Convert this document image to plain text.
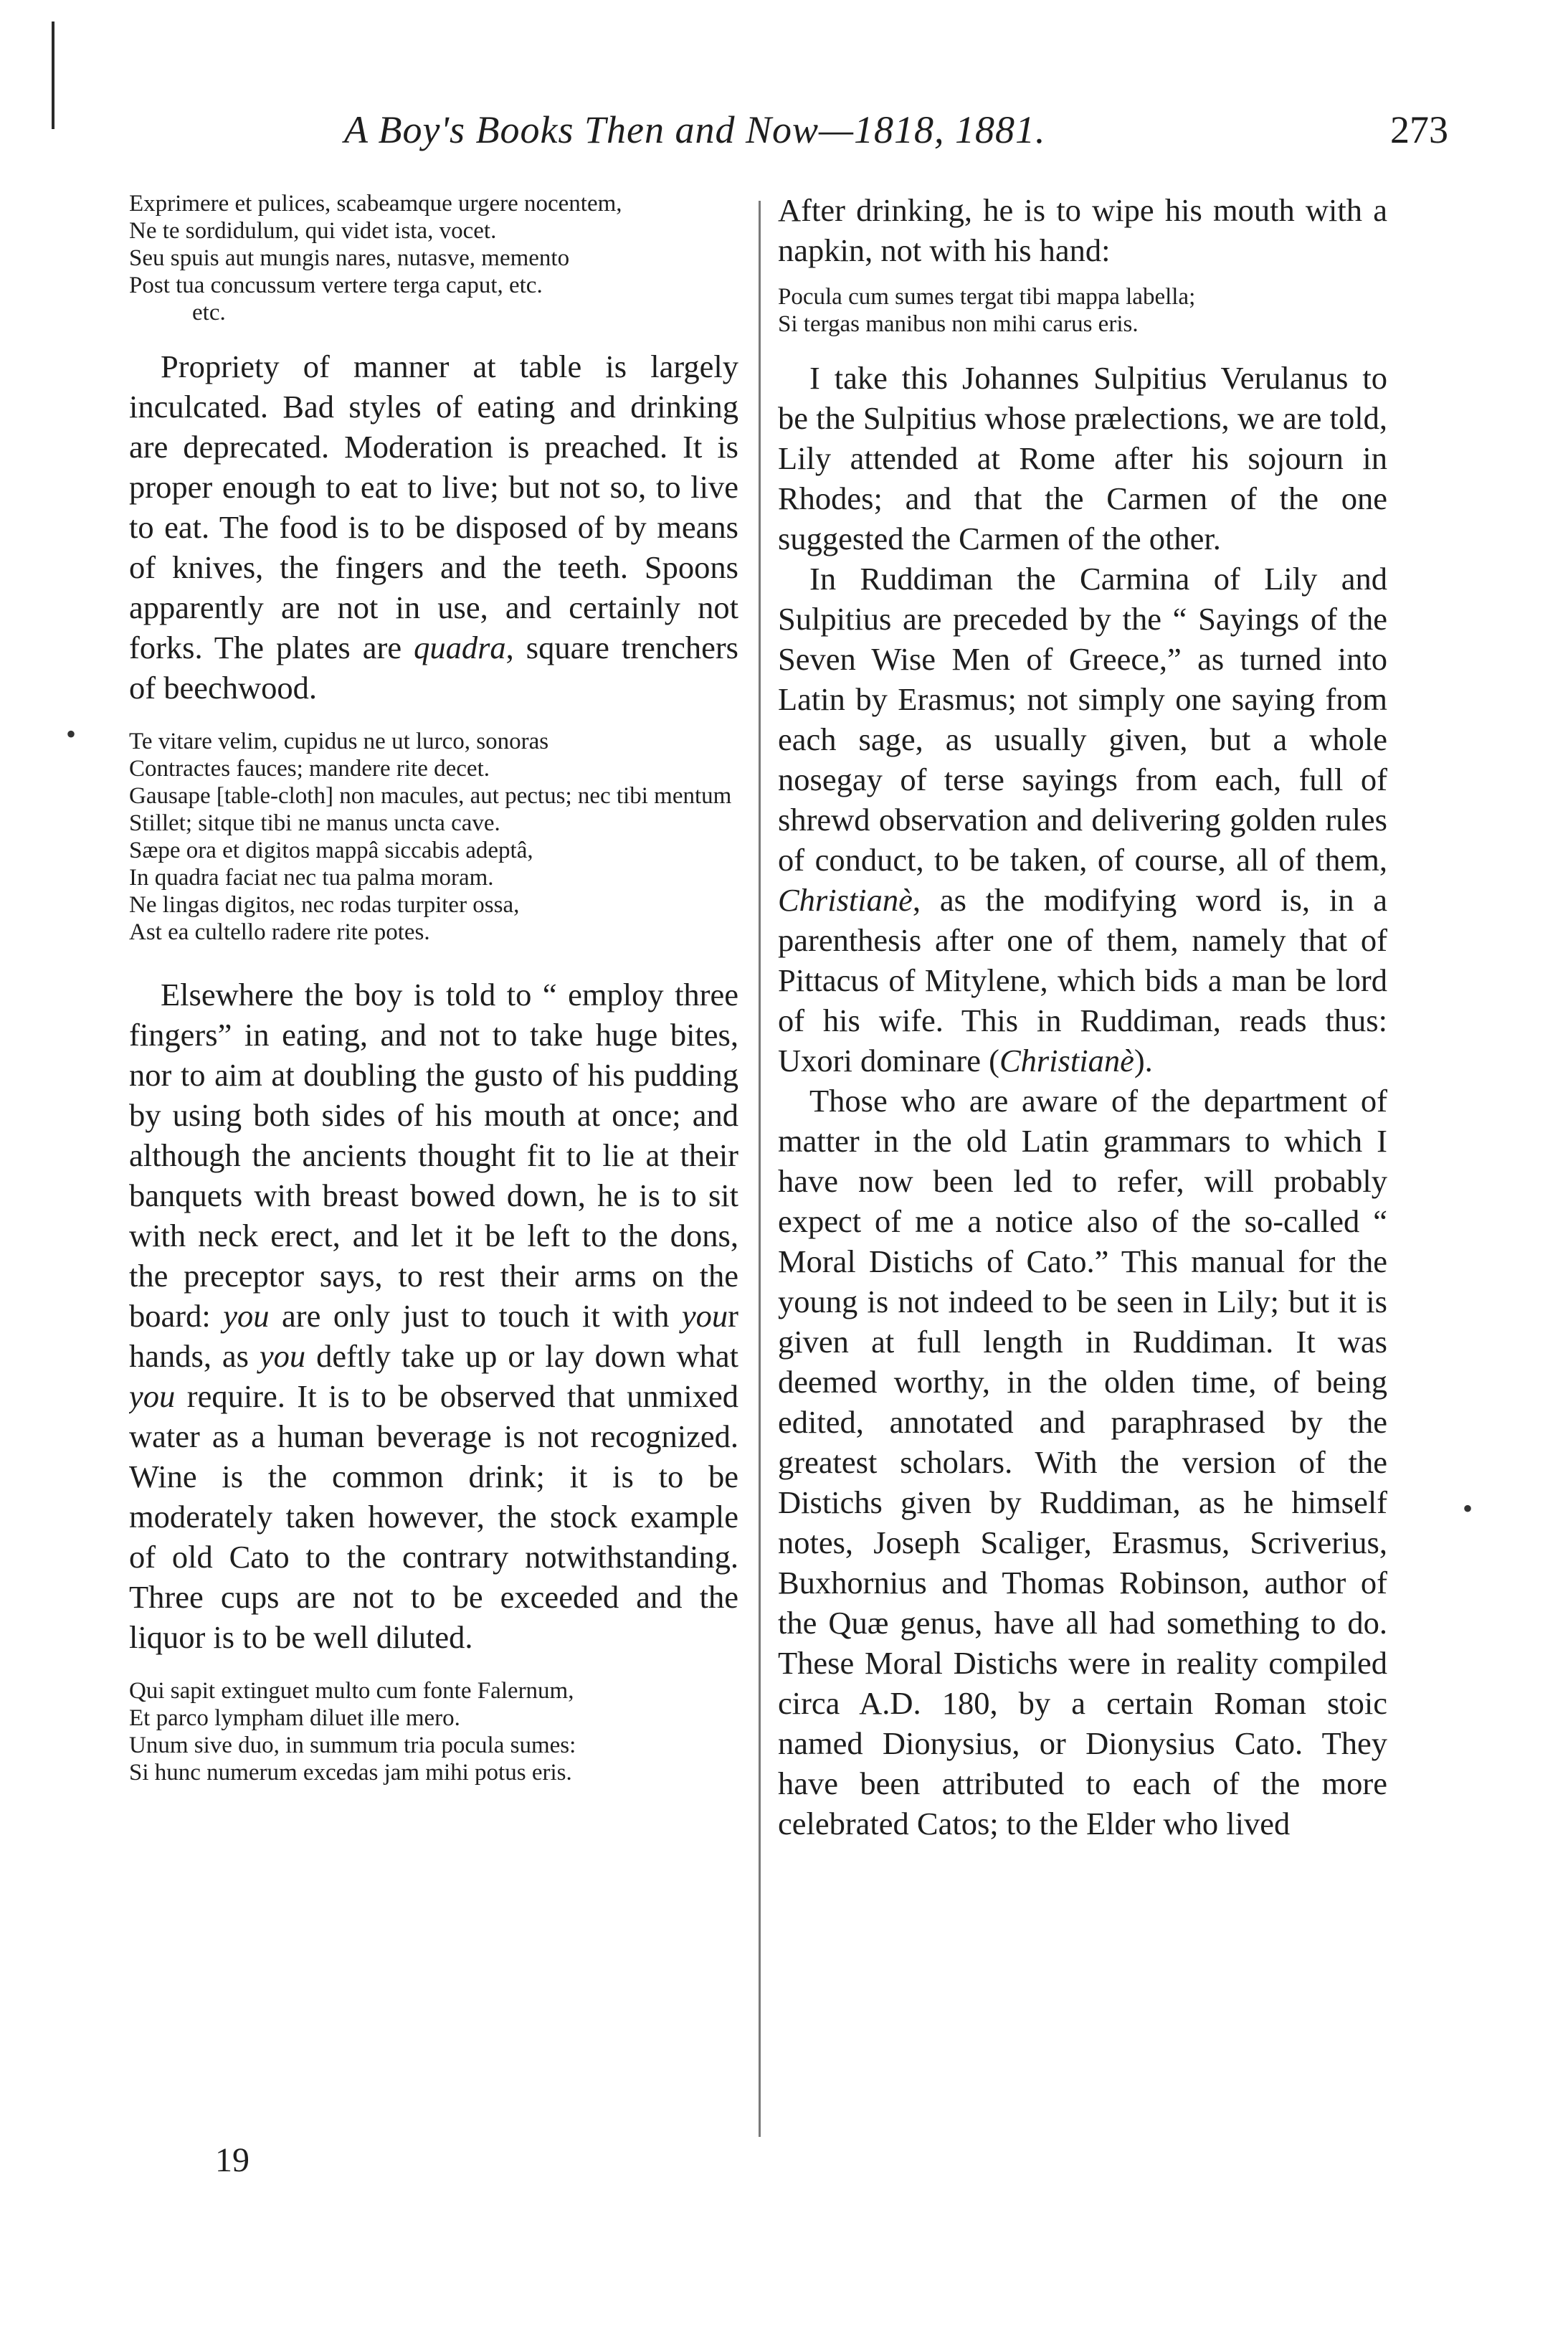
A Boy's Books Then and Now—1818, 1881.	273

Exprimere et pulices, scabeamque urgere nocentem,

Ne te sordidulum, qui videt ista, vocet.

Seu spuis aut mungis nares, nutasve, memento

Post tua concussum vertere terga caput, etc.

etc.

Propriety of manner at table is largely inculcated. Bad styles of eating and drinking are deprecated. Moderation is preached. It is proper enough to eat to live; but not so, to live to eat. The food is to be disposed of by means of knives, the fingers and the teeth. Spoons apparently are not in use, and certainly not forks. The plates are quadra, square trenchers of beechwood.

Te vitare velim, cupidus ne ut lurco, sonoras

Contractes fauces; mandere rite decet.

Gausape [table-cloth] non macules, aut pectus; nec tibi mentum

Stillet; sitque tibi ne manus uncta cave.

Sæpe ora et digitos mappâ siccabis adeptâ,

In quadra faciat nec tua palma moram.

Ne lingas digitos, nec rodas turpiter ossa,

Ast ea cultello radere rite potes.

Elsewhere the boy is told to “ employ three fingers” in eating, and not to take huge bites, nor to aim at doubling the gusto of his pudding by using both sides of his mouth at once; and although the ancients thought fit to lie at their banquets with breast bowed down, he is to sit with neck erect, and let it be left to the dons, the preceptor says, to rest their arms on the board: you are only just to touch it with your hands, as you deftly take up or lay down what you require. It is to be observed that unmixed water as a human beverage is not recognized. Wine is the common drink; it is to be moderately taken however, the stock example of old Cato to the contrary notwithstanding. Three cups are not to be exceeded and the liquor is to be well diluted.

Qui sapit extinguet multo cum fonte Falernum,

Et parco lympham diluet ille mero.

Unum sive duo, in summum tria pocula sumes:

Si hunc numerum excedas jam mihi potus eris.

After drinking, he is to wipe his mouth with a napkin, not with his hand:

Pocula cum sumes tergat tibi mappa labella;

Si tergas manibus non mihi carus eris.

I take this Johannes Sulpitius Verulanus to be the Sulpitius whose prælections, we are told, Lily attended at Rome after his sojourn in Rhodes; and that the Carmen of the one suggested the Carmen of the other.

In Ruddiman the Carmina of Lily and Sulpitius are preceded by the “ Sayings of the Seven Wise Men of Greece,” as turned into Latin by Erasmus; not simply one saying from each sage, as usually given, but a whole nosegay of terse sayings from each, full of shrewd observation and delivering golden rules of conduct, to be taken, of course, all of them, Christianè, as the modifying word is, in a parenthesis after one of them, namely that of Pittacus of Mitylene, which bids a man be lord of his wife. This in Ruddiman, reads thus: Uxori dominare (Christianè).

Those who are aware of the department of matter in the old Latin grammars to which I have now been led to refer, will probably expect of me a notice also of the so-called “ Moral Distichs of Cato.” This manual for the young is not indeed to be seen in Lily; but it is given at full length in Ruddiman. It was deemed worthy, in the olden time, of being edited, annotated and paraphrased by the greatest scholars. With the version of the Distichs given by Ruddiman, as he himself notes, Joseph Scaliger, Erasmus, Scriverius, Buxhornius and Thomas Robinson, author of the Quæ genus, have all had something to do. These Moral Distichs were in reality compiled circa A.D. 180, by a certain Roman stoic named Dionysius, or Dionysius Cato. They have been attributed to each of the more celebrated Catos; to the Elder who lived

19
•
•
